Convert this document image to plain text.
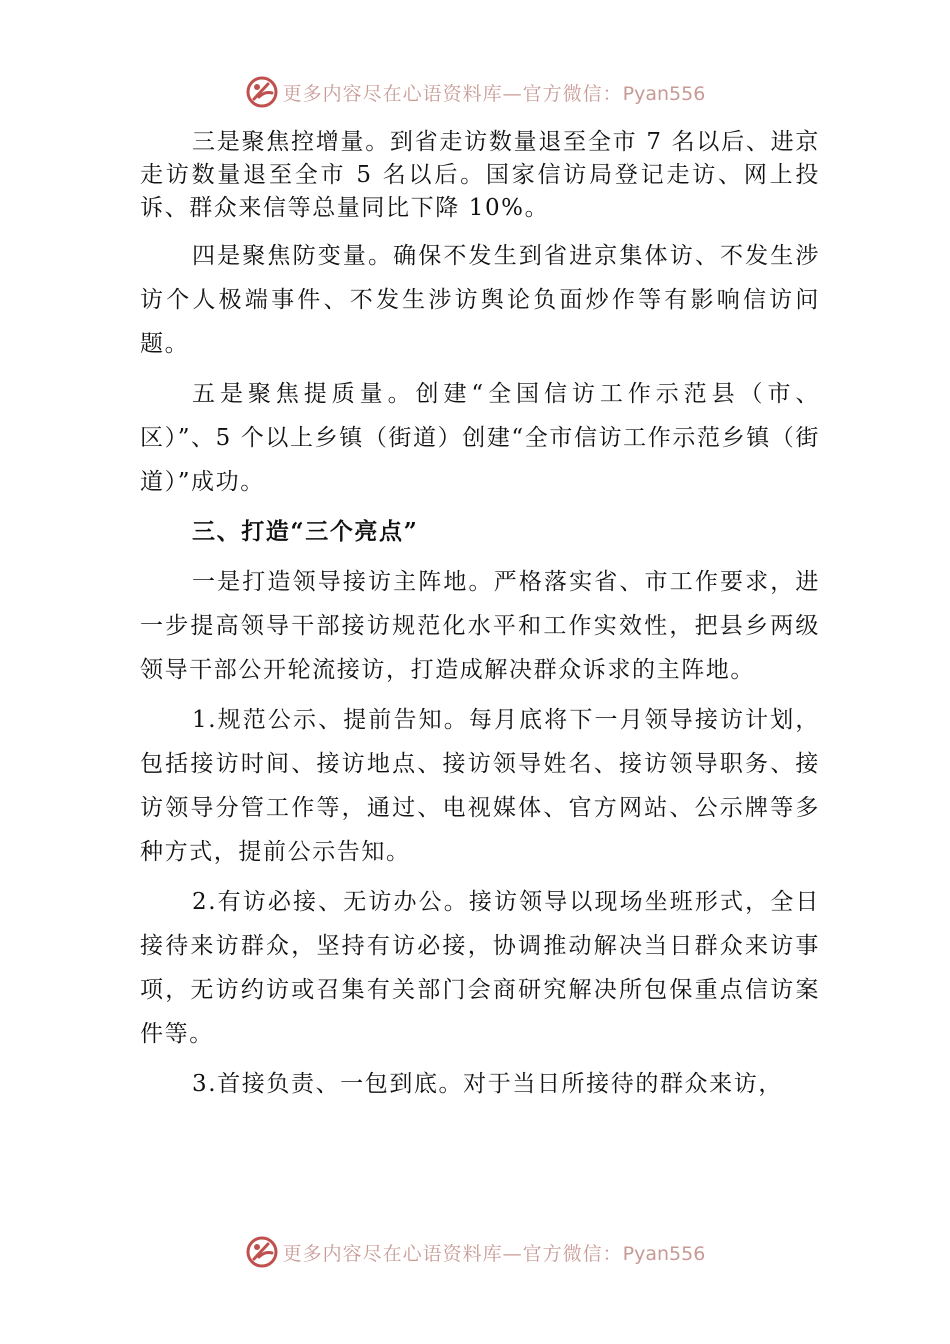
更多内容尽在心语资料库—官方微信：Pyan556

三是聚焦控增量。到省走访数量退至全市 7 名以后、进京走访数量退至全市 5 名以后。国家信访局登记走访、网上投诉、群众来信等总量同比下降 10%。

四是聚焦防变量。确保不发生到省进京集体访、不发生涉访个人极端事件、不发生涉访舆论负面炒作等有影响信访问题。

五是聚焦提质量。创建“全国信访工作示范县（市、区）”、5 个以上乡镇（街道）创建“全市信访工作示范乡镇（街道）”成功。

三、打造“三个亮点”

一是打造领导接访主阵地。严格落实省、市工作要求，进一步提高领导干部接访规范化水平和工作实效性，把县乡两级领导干部公开轮流接访，打造成解决群众诉求的主阵地。

1.规范公示、提前告知。每月底将下一月领导接访计划，包括接访时间、接访地点、接访领导姓名、接访领导职务、接访领导分管工作等，通过、电视媒体、官方网站、公示牌等多种方式，提前公示告知。

2.有访必接、无访办公。接访领导以现场坐班形式，全日接待来访群众，坚持有访必接，协调推动解决当日群众来访事项，无访约访或召集有关部门会商研究解决所包保重点信访案件等。

3.首接负责、一包到底。对于当日所接待的群众来访，

更多内容尽在心语资料库—官方微信：Pyan556
